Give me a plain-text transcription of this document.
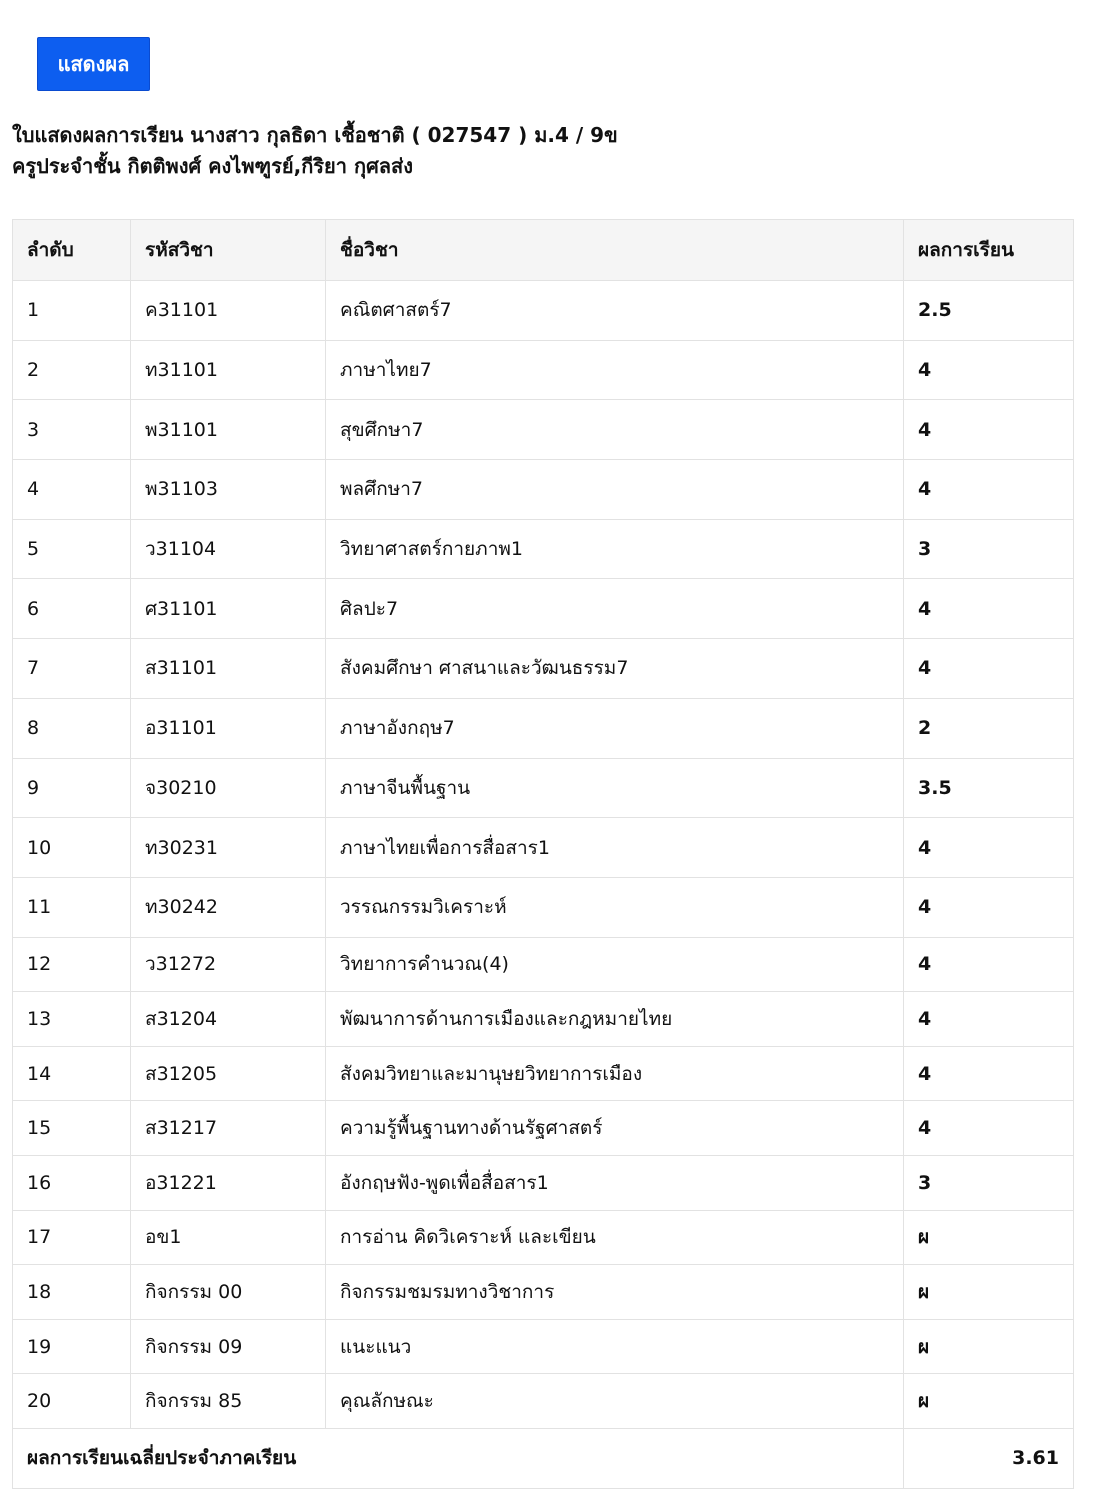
แสดงผล
ใบแสดงผลการเรียน นางสาว กุลธิดา เชื้อชาติ ( 027547 ) ม.4 / 9ข
ครูประจำชั้น กิตติพงศ์ คงไพฑูรย์,กีริยา กุศลส่ง
ลำดับ	รหัสวิชา	ชื่อวิชา	ผลการเรียน
1	ค31101	คณิตศาสตร์7	2.5
2	ท31101	ภาษาไทย7	4
3	พ31101	สุขศึกษา7	4
4	พ31103	พลศึกษา7	4
5	ว31104	วิทยาศาสตร์กายภาพ1	3
6	ศ31101	ศิลปะ7	4
7	ส31101	สังคมศึกษา ศาสนาและวัฒนธรรม7	4
8	อ31101	ภาษาอังกฤษ7	2
9	จ30210	ภาษาจีนพื้นฐาน	3.5
10	ท30231	ภาษาไทยเพื่อการสื่อสาร1	4
11	ท30242	วรรณกรรมวิเคราะห์	4
12	ว31272	วิทยาการคำนวณ(4)	4
13	ส31204	พัฒนาการด้านการเมืองและกฎหมายไทย	4
14	ส31205	สังคมวิทยาและมานุษยวิทยาการเมือง	4
15	ส31217	ความรู้พื้นฐานทางด้านรัฐศาสตร์	4
16	อ31221	อังกฤษฟัง-พูดเพื่อสื่อสาร1	3
17	อข1	การอ่าน คิดวิเคราะห์ และเขียน	ผ
18	กิจกรรม 00	กิจกรรมชมรมทางวิชาการ	ผ
19	กิจกรรม 09	แนะแนว	ผ
20	กิจกรรม 85	คุณลักษณะ	ผ
ผลการเรียนเฉลี่ยประจำภาคเรียน			3.61
